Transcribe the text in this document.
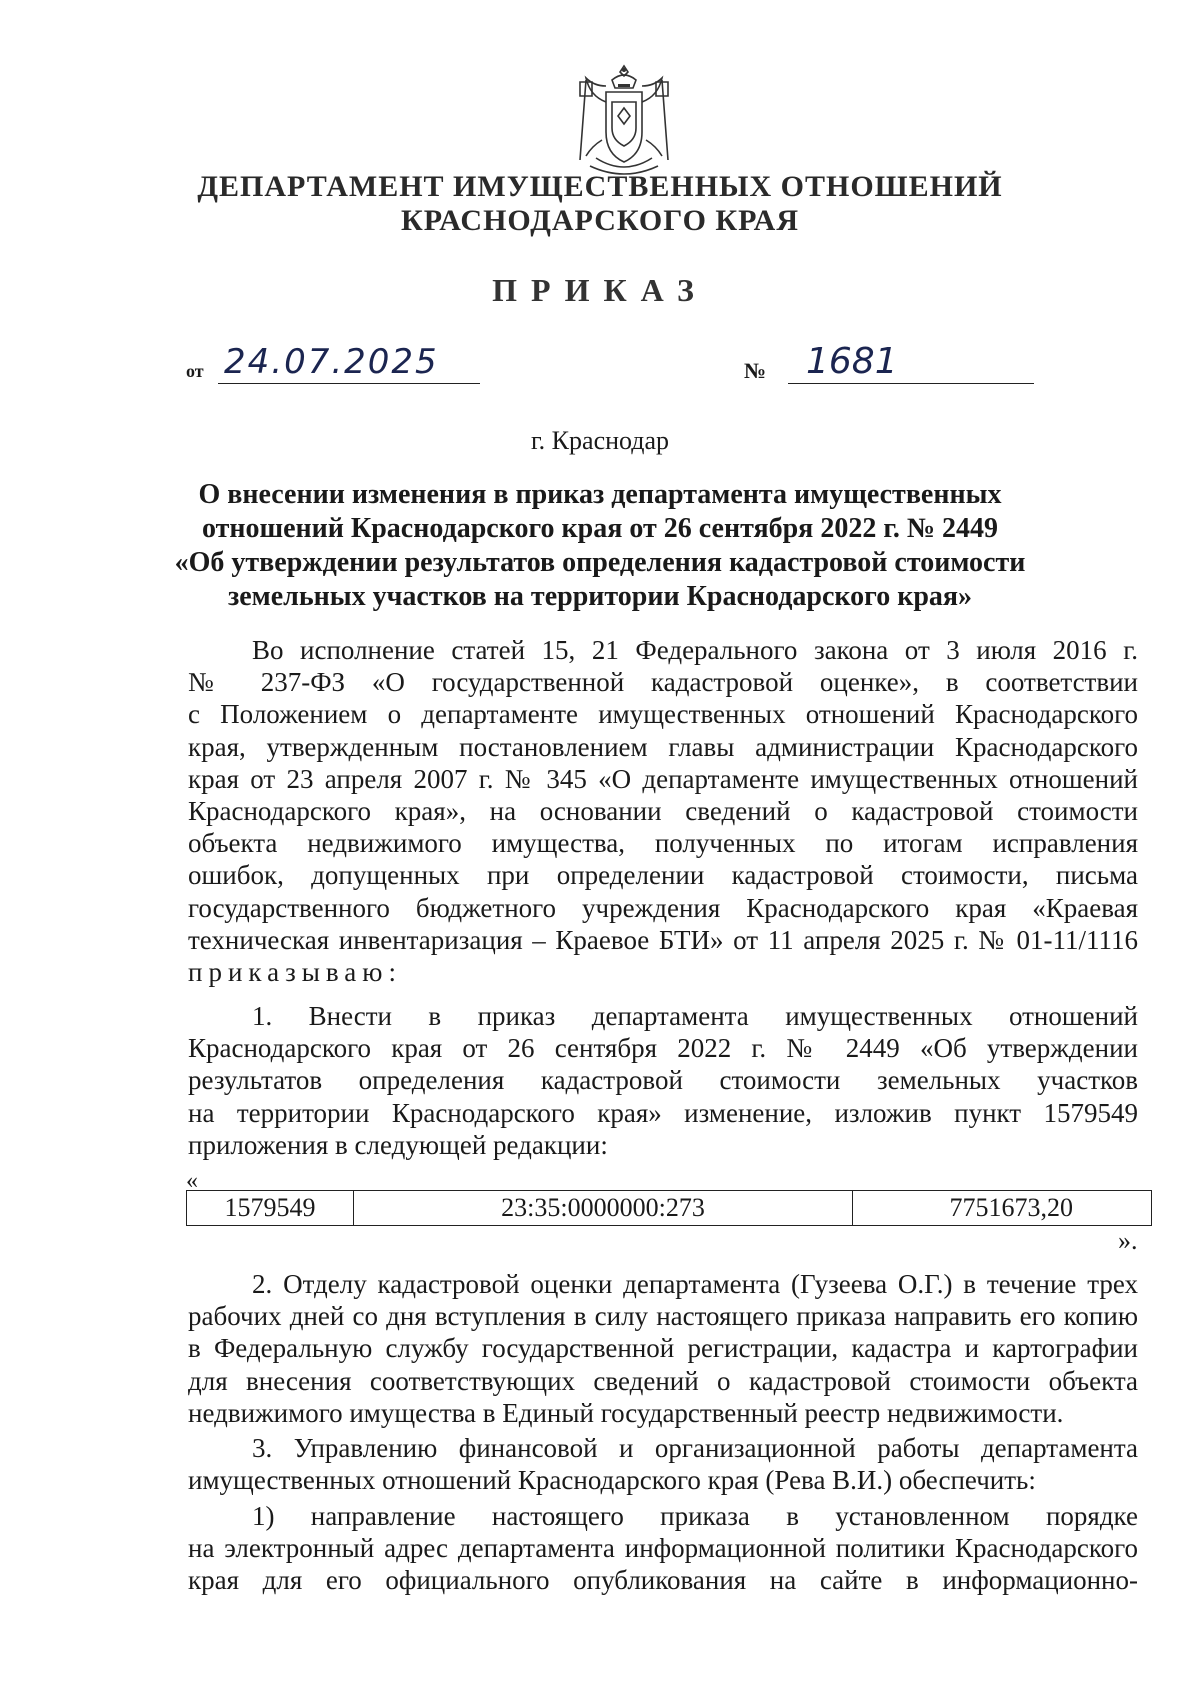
ДЕПАРТАМЕНТ ИМУЩЕСТВЕННЫХ ОТНОШЕНИЙ
КРАСНОДАРСКОГО КРАЯ
ПРИКАЗ
от 24.07.2025	№	1681
г. Краснодар
О внесении изменения в приказ департамента имущественных
отношений Краснодарского края от 26 сентября 2022 г. № 2449
«Об утверждении результатов определения кадастровой стоимости
земельных участков на территории Краснодарского края»
Во исполнение статей 15, 21 Федерального закона от 3 июля 2016 г.
№ 237-ФЗ «О государственной кадастровой оценке», в соответствии
с Положением о департаменте имущественных отношений Краснодарского
края, утвержденным постановлением главы администрации Краснодарского
края от 23 апреля 2007 г. № 345 «О департаменте имущественных отношений
Краснодарского края», на основании сведений о кадастровой стоимости
объекта недвижимого имущества, полученных по итогам исправления
ошибок, допущенных при определении кадастровой стоимости, письма
государственного бюджетного учреждения Краснодарского края «Краевая
техническая инвентаризация – Краевое БТИ» от 11 апреля 2025 г. № 01-11/1116
приказываю:
1. Внести в приказ департамента имущественных отношений
Краснодарского края от 26 сентября 2022 г. № 2449 «Об утверждении
результатов определения кадастровой стоимости земельных участков
на территории Краснодарского края» изменение, изложив пункт 1579549
приложения в следующей редакции:
«
1579549	23:35:0000000:273	7751673,20
».
2. Отделу кадастровой оценки департамента (Гузеева О.Г.) в течение трех
рабочих дней со дня вступления в силу настоящего приказа направить его копию
в Федеральную службу государственной регистрации, кадастра и картографии
для внесения соответствующих сведений о кадастровой стоимости объекта
недвижимого имущества в Единый государственный реестр недвижимости.
3. Управлению финансовой и организационной работы департамента
имущественных отношений Краснодарского края (Рева В.И.) обеспечить:
1) направление настоящего приказа в установленном порядке
на электронный адрес департамента информационной политики Краснодарского
края для его официального опубликования на сайте в информационно-
